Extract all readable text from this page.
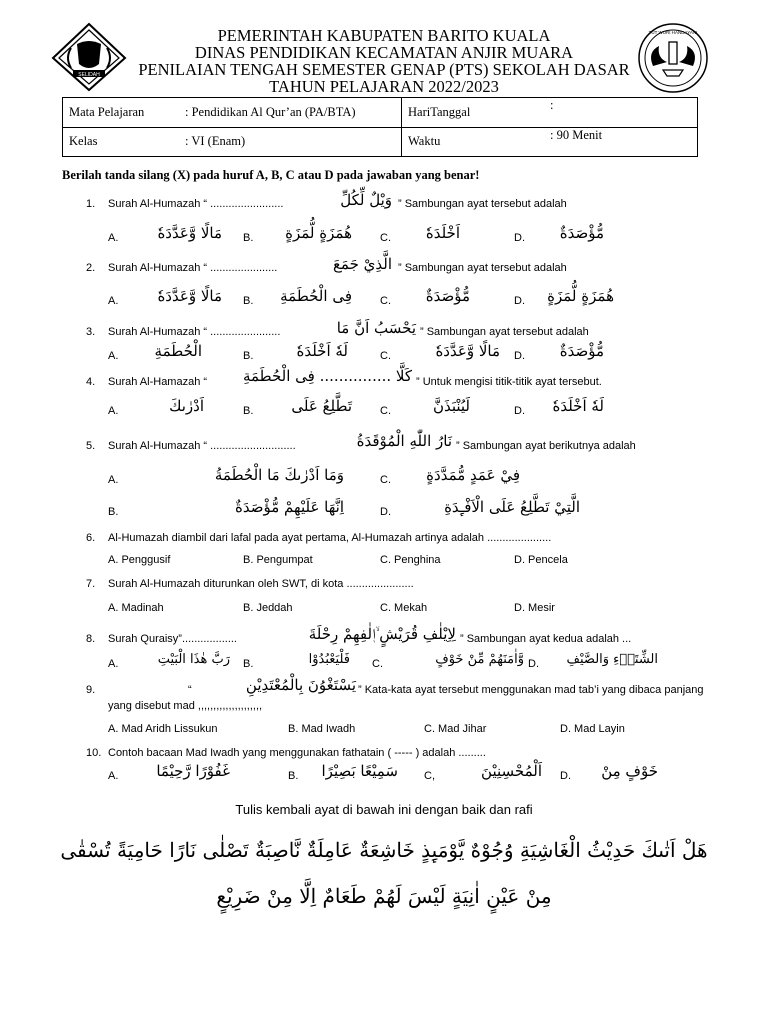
SELIDAH
TUT WURI HANDAYANI
PEMERINTAH KABUPATEN BARITO KUALA
DINAS PENDIDIKAN KECAMATAN ANJIR MUARA
PENILAIAN TENGAH SEMESTER GENAP (PTS) SEKOLAH DASAR
TAHUN PELAJARAN 2022/2023
Mata Pelajaran	: Pendidikan Al Qur’an (PA/BTA)	HariTanggal	:
Kelas	: VI (Enam)	Waktu	: 90 Menit
Berilah tanda silang (X) pada huruf A, B, C atau D pada jawaban yang benar!
1. Surah Al-Humazah “ ........................	وَيْلٌ لِّكُلِّ ” Sambungan ayat tersebut adalah
A.	مَالًا وَّعَدَّدَهٗ B.	هُمَزَةٍ لُّمَزَةٍ	C.	اَخْلَدَهٗ	D.	مُّؤْصَدَةٌ
2. Surah Al-Humazah “ ......................	الَّذِيْ جَمَعَ ” Sambungan ayat tersebut adalah
A.	مَالًا وَّعَدَّدَهٗ B.	فِى الْحُطَمَةِ	C.	مُّؤْصَدَةٌ	D.	هُمَزَةٍ لُّمَزَةٍ
3. Surah Al-Humazah “ .......................	يَحْسَبُ اَنَّ مَا ” Sambungan ayat tersebut adalah
A.	الْحُطَمَةِ	B.	لَهٗ اَخْلَدَهٗ	C.	مَالًا وَّعَدَّدَهٗ D.	مُّؤْصَدَةٌ
4. Surah Al-Hamazah “	كَلَّا ............... فِى الْحُطَمَةِ ” Untuk mengisi titik-titik ayat tersebut.
A.	اَدْرٰىكَ	B.	تَطَّلِعُ عَلَى	C.	لَيُنْبَذَنَّ	D.	لَهٗ اَخْلَدَهٗ
5. Surah Al-Humazah “ ............................	نَارُ اللّٰهِ الْمُوْقَدَةُ ” Sambungan ayat berikutnya adalah
A.	وَمَا اَدْرٰىكَ مَا الْحُطَمَةُ	C.	فِيْ عَمَدٍ مُّمَدَّدَةٍ
B.	اِنَّهَا عَلَيْهِمْ مُّؤْصَدَةٌ	D.	الَّتِيْ تَطَّلِعُ عَلَى الْاَفْـِٕدَةِ
6. Al-Humazah diambil dari lafal pada ayat pertama, Al-Humazah artinya adalah .....................
A. Penggusif	B. Pengumpat	C. Penghina	D. Pencela
7. Surah Al-Humazah diturunkan oleh SWT, di kota ......................
A. Madinah	B. Jeddah	C. Mekah	D. Mesir
8. Surah Quraisy”..................	لِاِيْلٰفِ قُرَيْشٍ ۙاٖلٰفِهِمْ رِحْلَةَ ” Sambungan ayat kedua adalah ...
A.	رَبَّ هٰذَا الْبَيْتِ B.	فَلْيَعْبُدُوْا C.	وَّاٰمَنَهُمْ مِّنْ خَوْفٍ D.	الشِّتَاۤءِ وَالصَّيْفِ
9.	“	يَسْتَغْوُنَ بِالْمُعْتَدِيْنِ ” Kata-kata ayat tersebut menggunakan mad tab’i yang dibaca panjang
yang disebut mad ,,,,,,,,,,,,,,,,,,,,,
A. Mad Aridh Lissukun	B. Mad Iwadh	C. Mad Jihar	D. Mad Layin
10. Contoh bacaan Mad Iwadh yang menggunakan fathatain ( ----- ) adalah .........
A.	غَفُوْرًا رَّحِيْمًا	B.	سَمِيْعًا بَصِيْرًا C,	اَلْمُحْسِنِيْنَ D.	خَوْفٍ مِنْ
Tulis kembali ayat di bawah ini dengan baik dan rafi
هَلْ اَتٰىكَ حَدِيْثُ الْغَاشِيَةِ وُجُوْهٌ يَّوْمَىِٕذٍ خَاشِعَةٌ عَامِلَةٌ نَّاصِبَةٌ تَصْلٰى نَارًا حَامِيَةً تُسْقٰى
مِنْ عَيْنٍ اٰنِيَةٍ لَيْسَ لَهُمْ طَعَامٌ اِلَّا مِنْ ضَرِيْعٍ
